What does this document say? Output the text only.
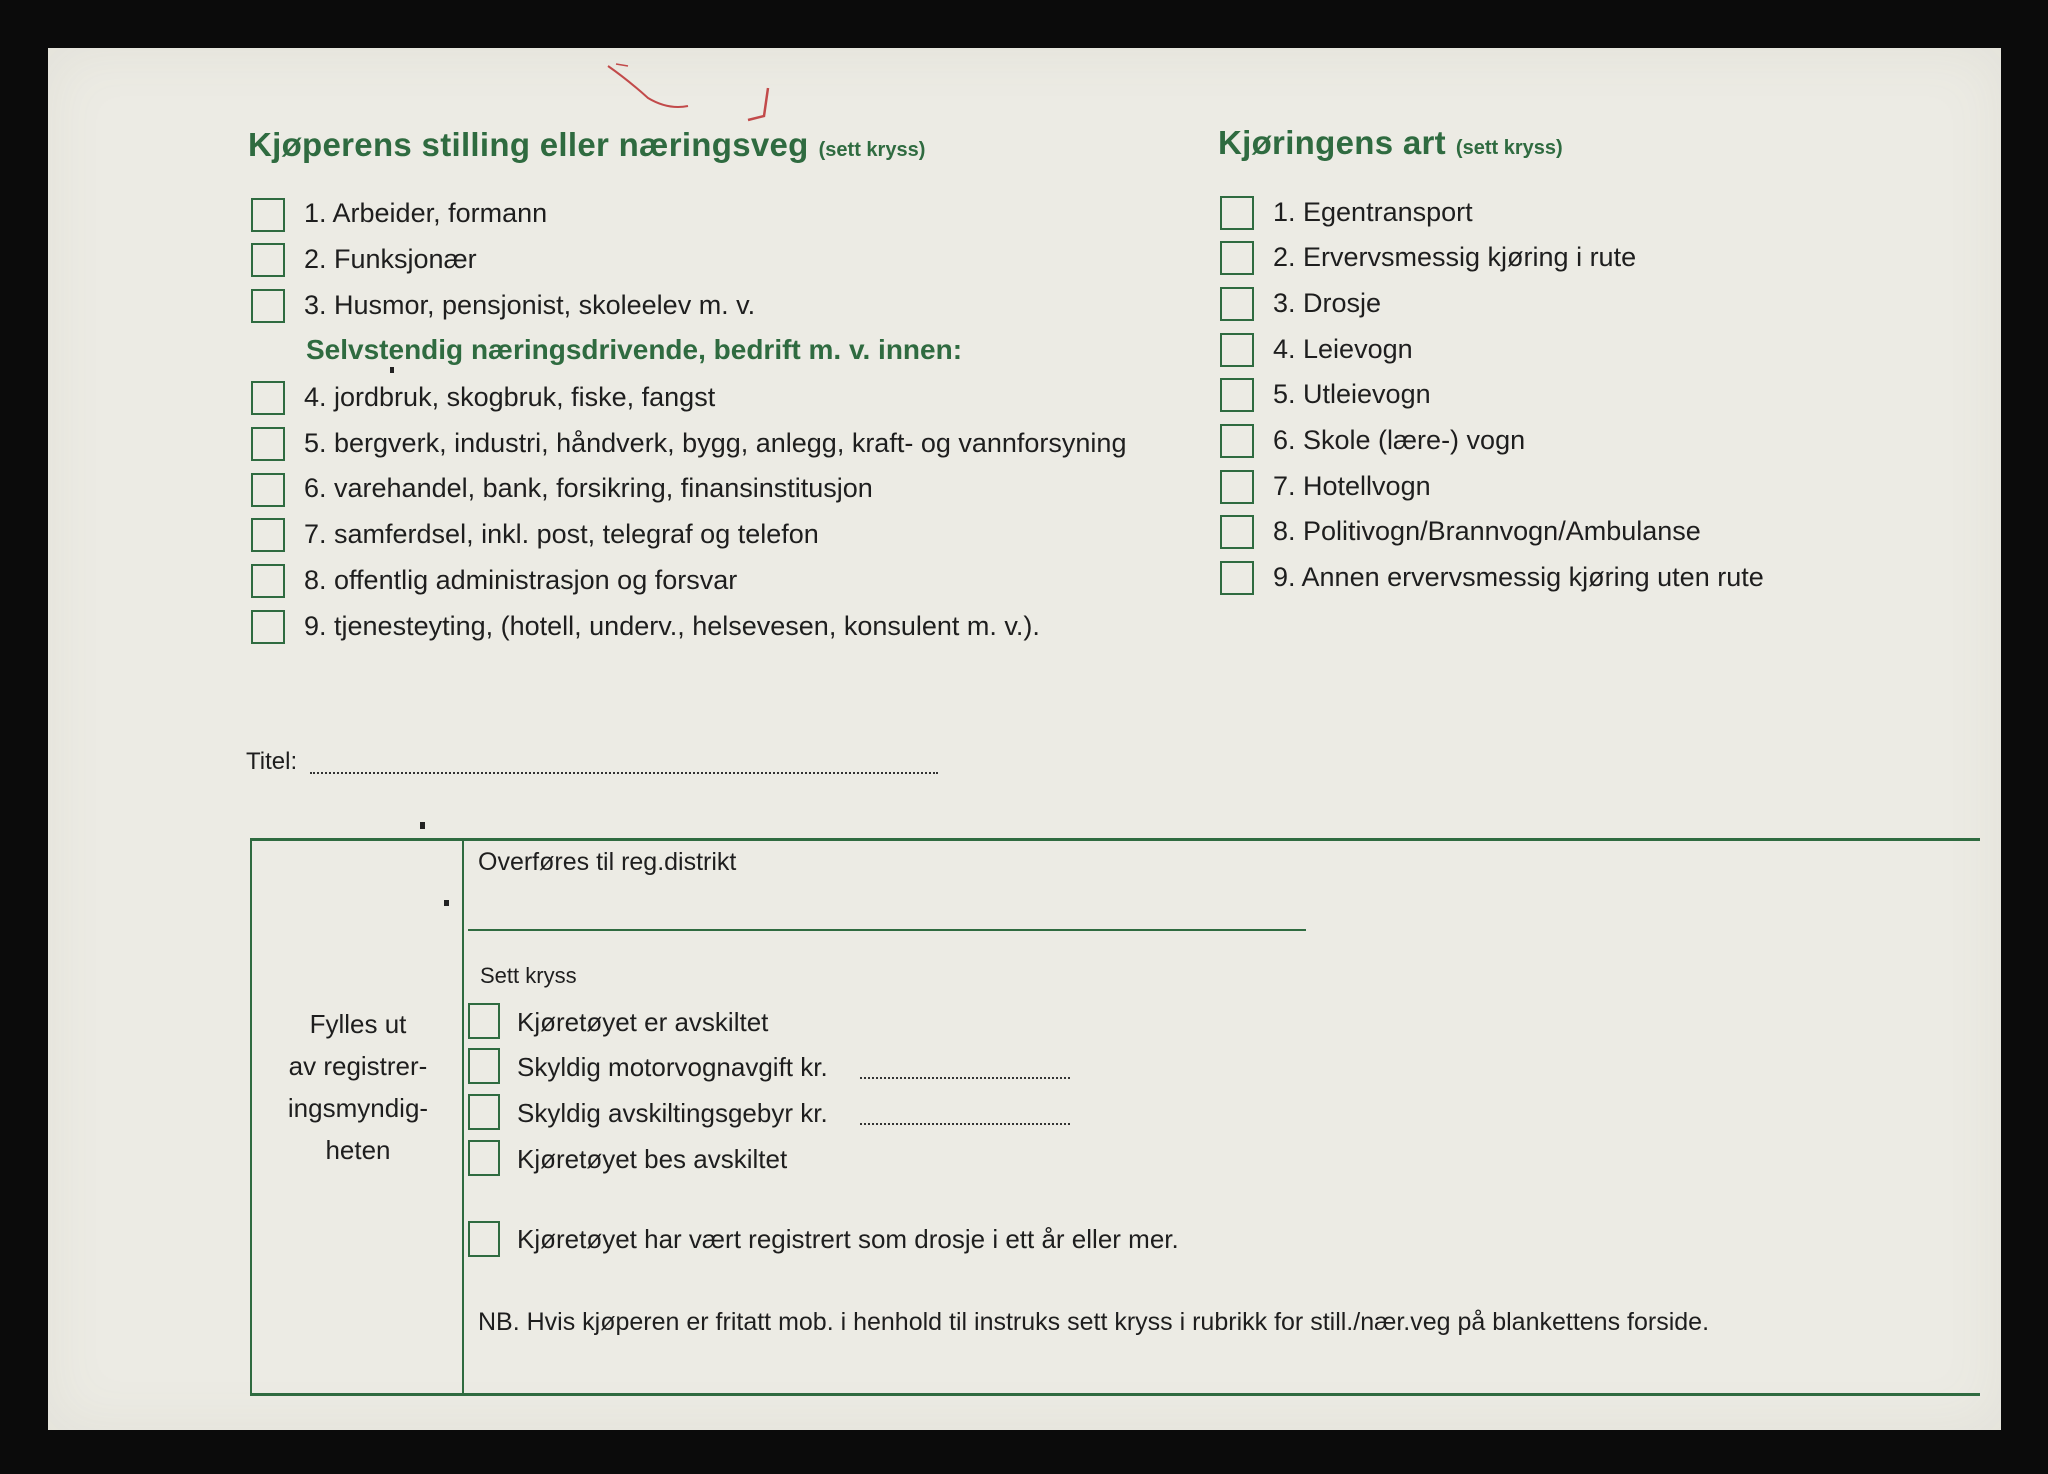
Kjøperens stilling eller næringsveg (sett kryss)
1. Arbeider, formann
2. Funksjonær
3. Husmor, pensjonist, skoleelev m. v.
Selvstendig næringsdrivende, bedrift m. v. innen:
4. jordbruk, skogbruk, fiske, fangst
5. bergverk, industri, håndverk, bygg, anlegg, kraft- og vannforsyning
6. varehandel, bank, forsikring, finansinstitusjon
7. samferdsel, inkl. post, telegraf og telefon
8. offentlig administrasjon og forsvar
9. tjenesteyting, (hotell, underv., helsevesen, konsulent m. v.).
Kjøringens art (sett kryss)
1. Egentransport
2. Ervervsmessig kjøring i rute
3. Drosje
4. Leievogn
5. Utleievogn
6. Skole (lære-) vogn
7. Hotellvogn
8. Politivogn/Brannvogn/Ambulanse
9. Annen ervervsmessig kjøring uten rute
Titel:
Fylles ut
av registrer-
ingsmyndig-
heten
Overføres til reg.distrikt
Sett kryss
Kjøretøyet er avskiltet
Skyldig motorvognavgift kr.
Skyldig avskiltingsgebyr kr.
Kjøretøyet bes avskiltet
Kjøretøyet har vært registrert som drosje i ett år eller mer.
NB. Hvis kjøperen er fritatt mob. i henhold til instruks sett kryss i rubrikk for still./nær.veg på blankettens forside.
